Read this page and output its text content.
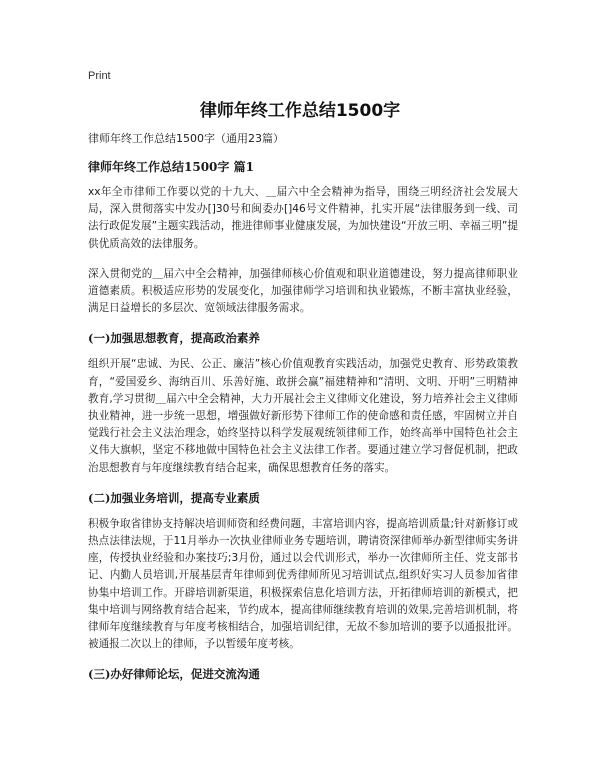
Print
律师年终工作总结1500字
律师年终工作总结1500字（通用23篇）
律师年终工作总结1500字 篇1

xx年全市律师工作要以党的十九大、＿届六中全会精神为指导，围绕三明经济社会发展大局，深入贯彻落实中发办[]30号和闽委办[]46号文件精神，扎实开展“法律服务到一线、司法行政促发展”主题实践活动，推进律师事业健康发展，为加快建设“开放三明、幸福三明”提供优质高效的法律服务。

深入贯彻党的＿届六中全会精神，加强律师核心价值观和职业道德建设，努力提高律师职业道德素质。积极适应形势的发展变化，加强律师学习培训和执业锻炼，不断丰富执业经验，满足日益增长的多层次、宽领域法律服务需求。

(一)加强思想教育，提高政治素养

组织开展“忠诚、为民、公正、廉洁”核心价值观教育实践活动，加强党史教育、形势政策教育，“爱国爱乡、海纳百川、乐善好施、敢拼会赢”福建精神和“清明、文明、开明”三明精神教育,学习贯彻＿届六中全会精神，大力开展社会主义律师文化建设，努力培养社会主义律师执业精神，进一步统一思想，增强做好新形势下律师工作的使命感和责任感，牢固树立并自觉践行社会主义法治理念，始终坚持以科学发展观统领律师工作，始终高举中国特色社会主义伟大旗帜，坚定不移地做中国特色社会主义法律工作者。要通过建立学习督促机制，把政治思想教育与年度继续教育结合起来，确保思想教育任务的落实。

(二)加强业务培训，提高专业素质

积极争取省律协支持解决培训师资和经费问题，丰富培训内容，提高培训质量;针对新修订或热点法律法规，于11月举办一次执业律师业务专题培训，聘请资深律师举办新型律师实务讲座，传授执业经验和办案技巧;3月份，通过以会代训形式，举办一次律师所主任、党支部书记、内勤人员培训,开展基层青年律师到优秀律师所见习培训试点,组织好实习人员参加省律协集中培训工作。开辟培训新渠道，积极探索信息化培训方法，开拓律师培训的新模式，把集中培训与网络教育结合起来，节约成本，提高律师继续教育培训的效果,完善培训机制，将律师年度继续教育与年度考核相结合，加强培训纪律，无故不参加培训的要予以通报批评。被通报二次以上的律师，予以暂缓年度考核。

(三)办好律师论坛，促进交流沟通
